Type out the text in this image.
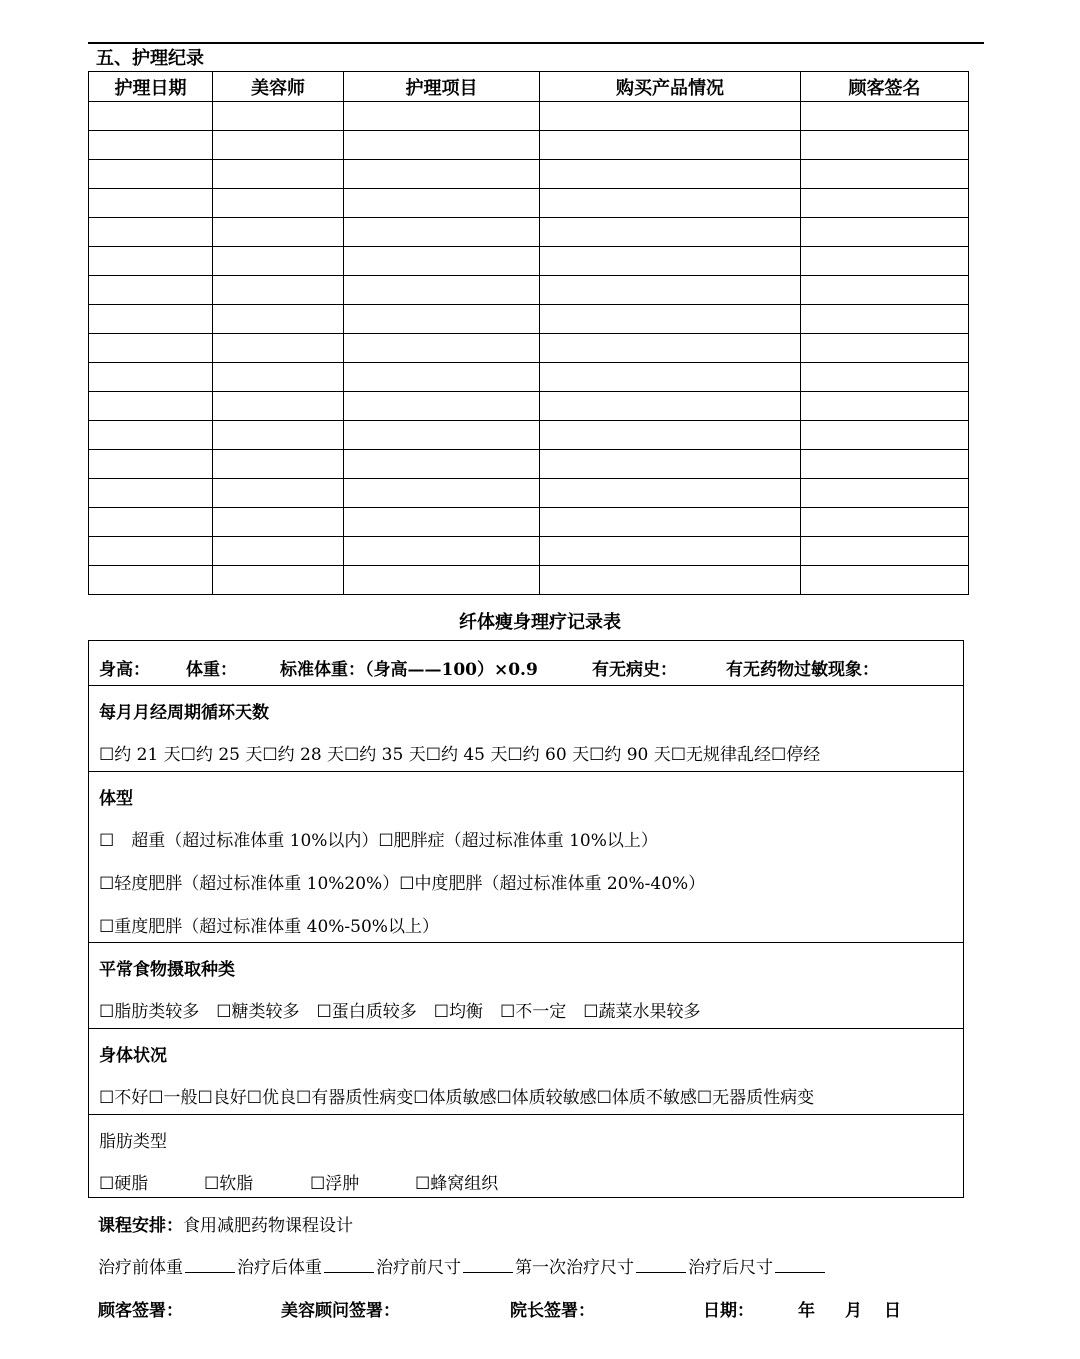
五、护理纪录
护理日期	美容师	护理项目	购买产品情况	顾客签名

纤体瘦身理疗记录表
身高： 体重：	标准体重：（身高——100）×0.9	有无病史：	有无药物过敏现象：
每月月经周期循环天数
☐约 21 天☐约 25 天☐约 28 天☐约 35 天☐约 45 天☐约 60 天☐约 90 天☐无规律乱经☐停经
体型
☐　超重（超过标准体重 10%以内）☐肥胖症（超过标准体重 10%以上）
☐轻度肥胖（超过标准体重 10%20%）☐中度肥胖（超过标准体重 20%-40%）
☐重度肥胖（超过标准体重 40%-50%以上）
平常食物摄取种类
☐脂肪类较多　☐糖类较多　☐蛋白质较多　☐均衡　☐不一定　☐蔬菜水果较多
身体状况
☐不好☐一般☐良好☐优良☐有器质性病变☐体质敏感☐体质较敏感☐体质不敏感☐无器质性病变
脂肪类型
☐硬脂	☐软脂	☐浮肿	☐蜂窝组织
课程安排：食用减肥药物课程设计
治疗前体重	治疗后体重	治疗前尺寸	第一次治疗尺寸	治疗后尺寸
顾客签署：	美容顾问签署：	院长签署：	日期：	年 月 日
